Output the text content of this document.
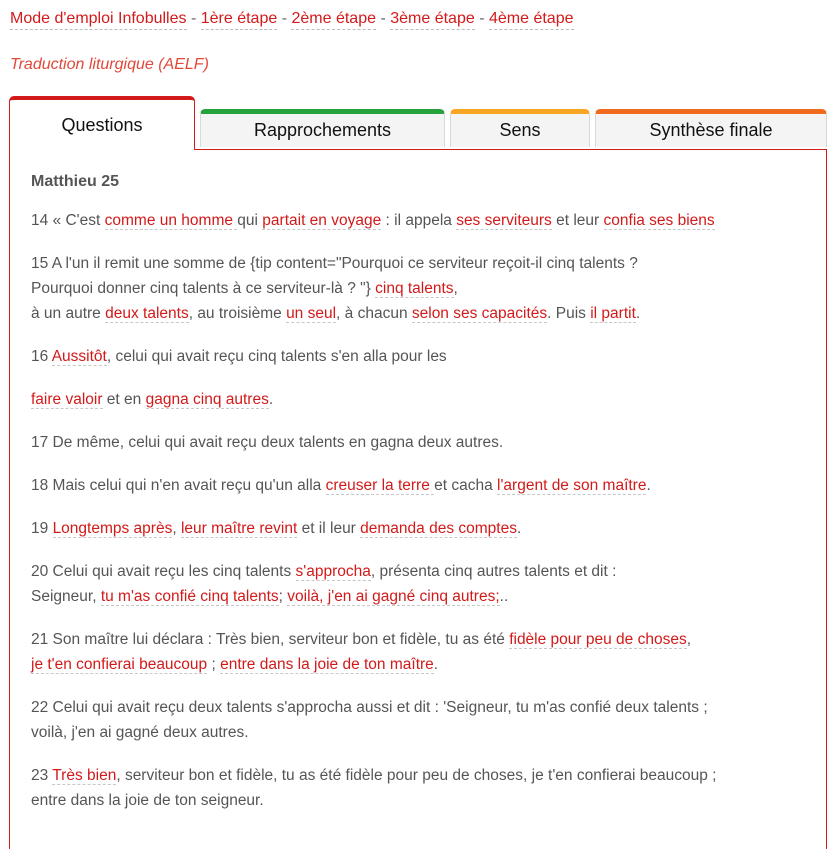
Mode d'emploi Infobulles - 1ère étape - 2ème étape - 3ème étape - 4ème étape
Traduction liturgique (AELF)
Questions	Rapprochements	Sens	Synthèse finale
Matthieu 25
14 « C'est comme un homme qui partait en voyage : il appela ses serviteurs et leur confia ses biens
15 A l'un il remit une somme de {tip content="Pourquoi ce serviteur reçoit-il cinq talents ?
Pourquoi donner cinq talents à ce serviteur-là ? "} cinq talents,
à un autre deux talents, au troisième un seul, à chacun selon ses capacités. Puis il partit.
16 Aussitôt, celui qui avait reçu cinq talents s'en alla pour les
faire valoir et en gagna cinq autres.
17 De même, celui qui avait reçu deux talents en gagna deux autres.
18 Mais celui qui n'en avait reçu qu'un alla creuser la terre et cacha l'argent de son maître.
19 Longtemps après, leur maître revint et il leur demanda des comptes.
20 Celui qui avait reçu les cinq talents s'approcha, présenta cinq autres talents et dit :
Seigneur, tu m'as confié cinq talents; voilà, j'en ai gagné cinq autres;..
21 Son maître lui déclara : Très bien, serviteur bon et fidèle, tu as été fidèle pour peu de choses,
je t'en confierai beaucoup ; entre dans la joie de ton maître.
22 Celui qui avait reçu deux talents s'approcha aussi et dit : 'Seigneur, tu m'as confié deux talents ;
voilà, j'en ai gagné deux autres.
23 Très bien, serviteur bon et fidèle, tu as été fidèle pour peu de choses, je t'en confierai beaucoup ;
entre dans la joie de ton seigneur.
